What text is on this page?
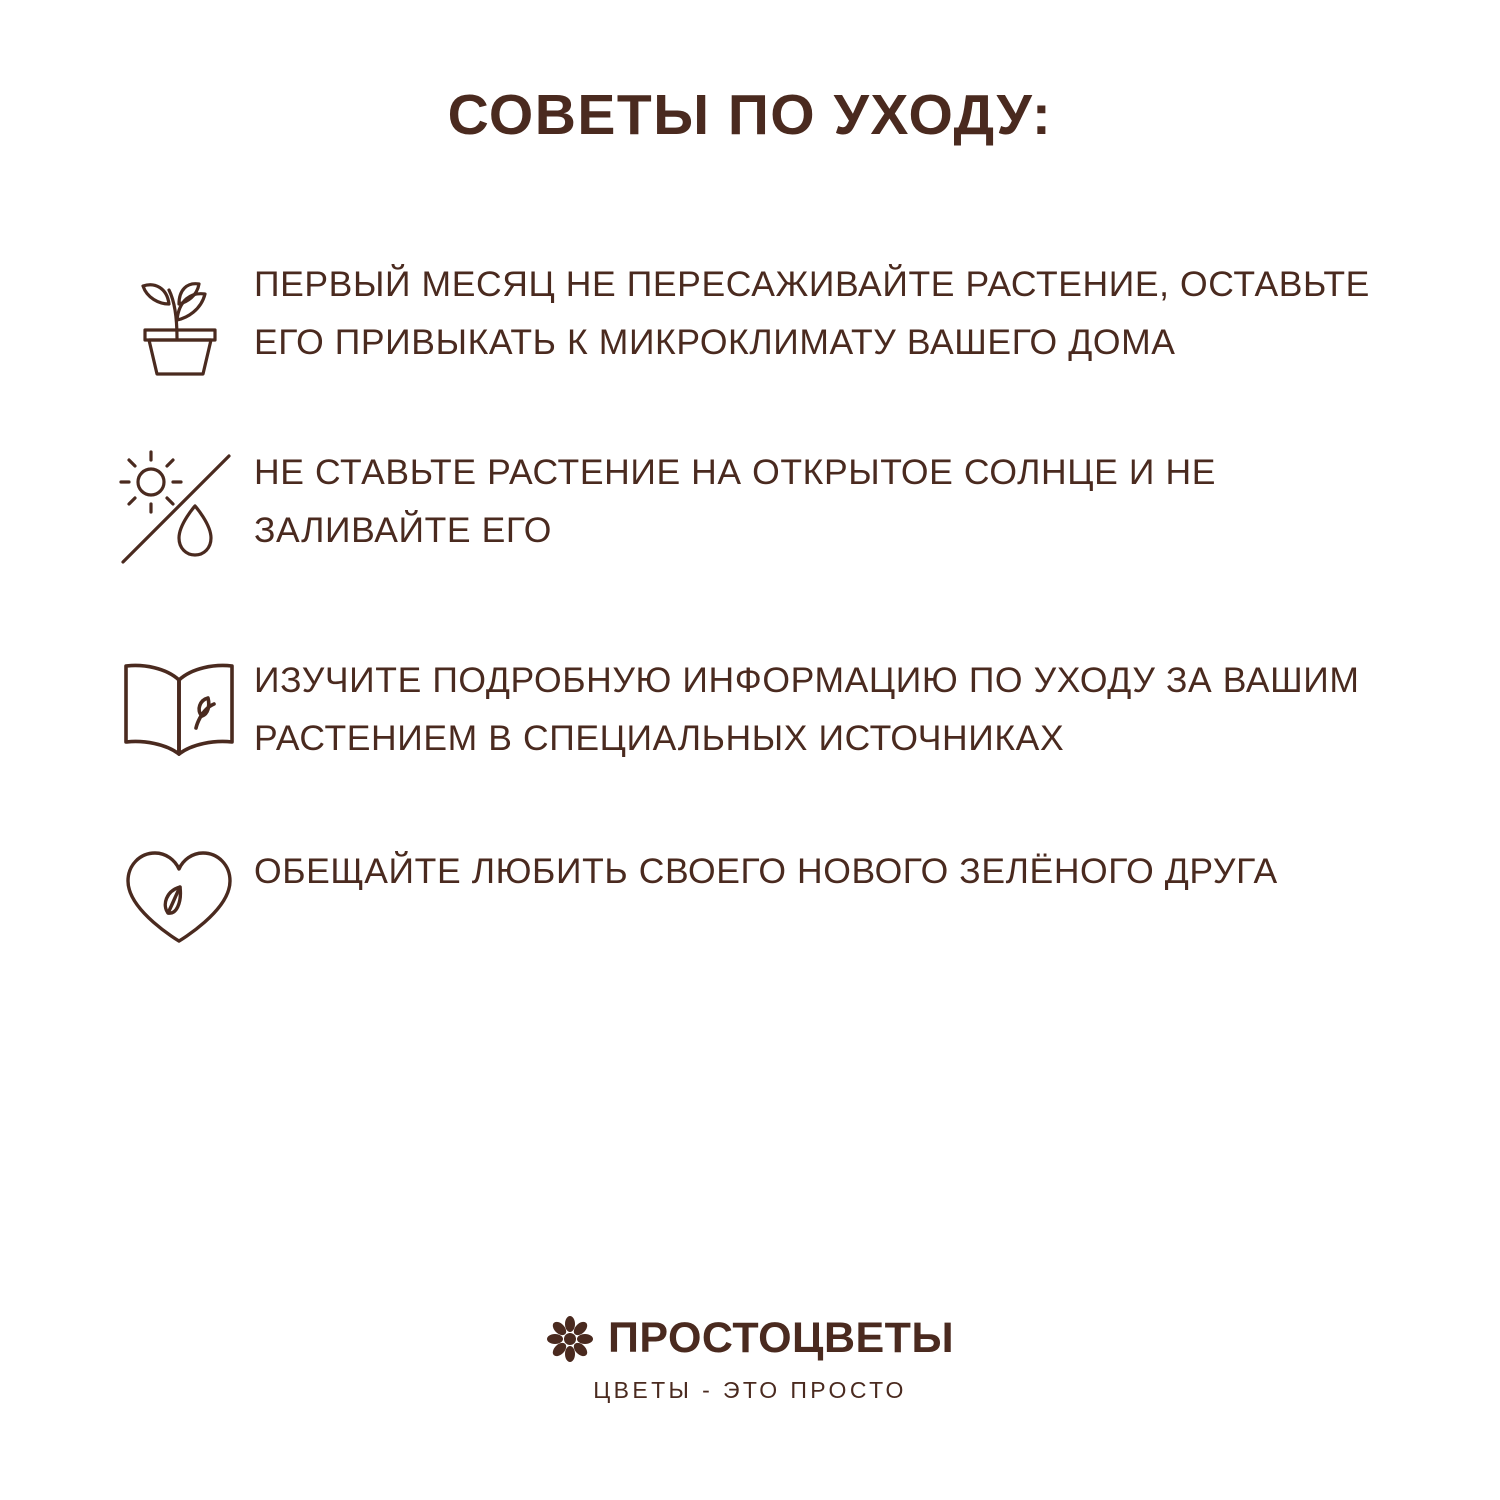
СОВЕТЫ ПО УХОДУ:
ПЕРВЫЙ МЕСЯЦ НЕ ПЕРЕСАЖИВАЙТЕ РАСТЕНИЕ, ОСТАВЬТЕ ЕГО ПРИВЫКАТЬ К МИКРОКЛИМАТУ ВАШЕГО ДОМА
НЕ СТАВЬТЕ РАСТЕНИЕ НА ОТКРЫТОЕ СОЛНЦЕ И НЕ ЗАЛИВАЙТЕ ЕГО
ИЗУЧИТЕ ПОДРОБНУЮ ИНФОРМАЦИЮ ПО УХОДУ ЗА ВАШИМ РАСТЕНИЕМ В СПЕЦИАЛЬНЫХ ИСТОЧНИКАХ
ОБЕЩАЙТЕ ЛЮБИТЬ СВОЕГО НОВОГО ЗЕЛЁНОГО ДРУГА
ПРОСТОЦВЕТЫ
ЦВЕТЫ - ЭТО ПРОСТО
